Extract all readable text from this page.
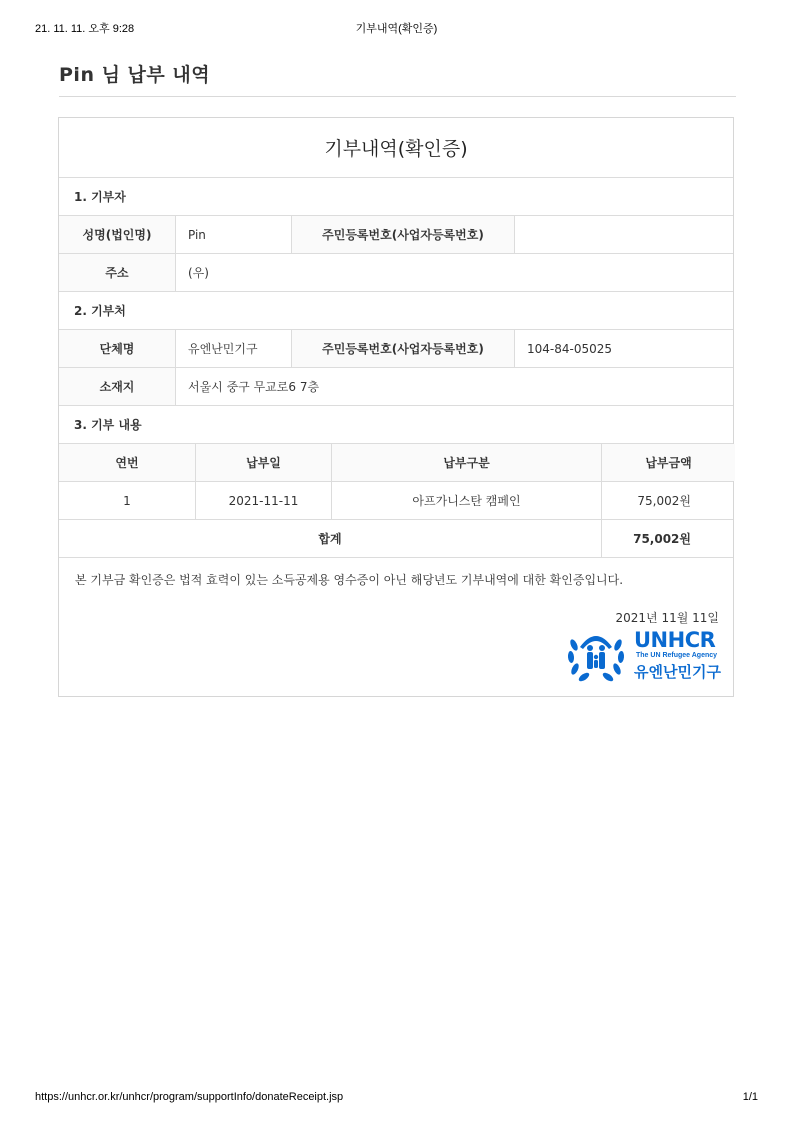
21. 11. 11. 오후 9:28	기부내역(확인증)
Pin 님 납부 내역
기부내역(확인증)
1. 기부자
성명(법인명)	Pin	주민등록번호(사업자등록번호)
주소	(우)
2. 기부처
단체명	유엔난민기구	주민등록번호(사업자등록번호)	104-84-05025
소재지	서울시 중구 무교로6 7층
3. 기부 내용
연번	납부일	납부구분	납부금액
1	2021-11-11	아프가니스탄 캠페인	75,002원
합계	75,002원
본 기부금 확인증은 법적 효력이 있는 소득공제용 영수증이 아닌 해당년도 기부내역에 대한 확인증입니다.
2021년 11월 11일
UNHCR
The UN Refugee Agency
유엔난민기구
https://unhcr.or.kr/unhcr/program/supportInfo/donateReceipt.jsp	1/1
